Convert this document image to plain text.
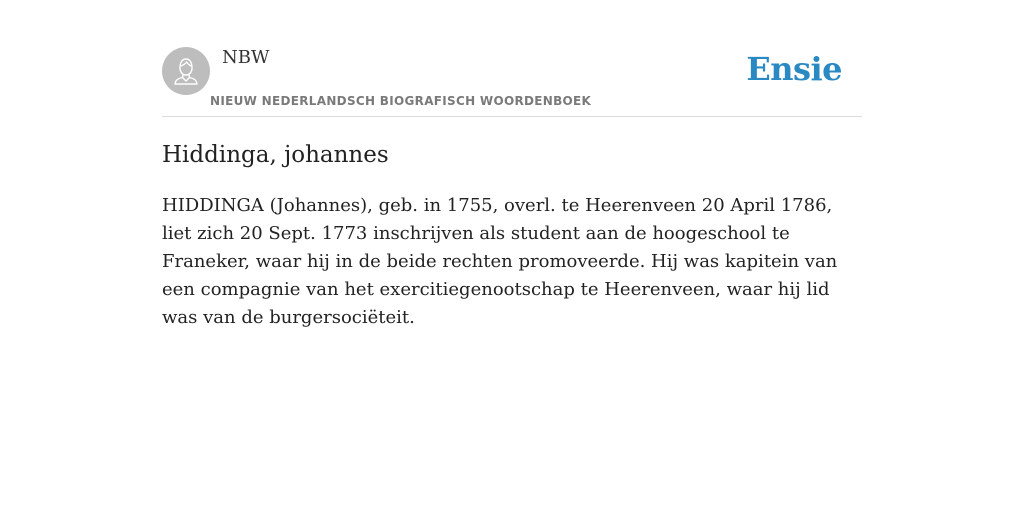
NBW
NIEUW NEDERLANDSCH BIOGRAFISCH WOORDENBOEK
Ensie
Hiddinga, johannes

HIDDINGA (Johannes), geb. in 1755, overl. te Heerenveen 20 April 1786, liet zich 20 Sept. 1773 inschrijven als student aan de hoogeschool te Franeker, waar hij in de beide rechten promoveerde. Hij was kapitein van een compagnie van het exercitiegenootschap te Heerenveen, waar hij lid was van de burgersociëteit.
